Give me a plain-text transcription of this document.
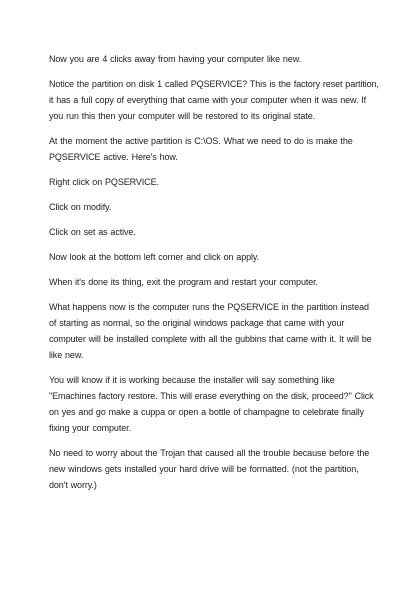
Now you are 4 clicks away from having your computer like new.

Notice the partition on disk 1 called PQSERVICE? This is the factory reset partition, it has a full copy of everything that came with your computer when it was new. If you run this then your computer will be restored to its original state.

At the moment the active partition is C:\OS. What we need to do is make the PQSERVICE active. Here's how.

Right click on PQSERVICE.

Click on modify.

Click on set as active.

Now look at the bottom left corner and click on apply.

When it's done its thing, exit the program and restart your computer.

What happens now is the computer runs the PQSERVICE in the partition instead of starting as normal, so the original windows package that came with your computer will be installed complete with all the gubbins that came with it. It will be like new.

You will know if it is working because the installer will say something like "Emachines factory restore. This will erase everything on the disk, proceed?" Click on yes and go make a cuppa or open a bottle of champagne to celebrate finally fixing your computer.

No need to worry about the Trojan that caused all the trouble because before the new windows gets installed your hard drive will be formatted. (not the partition, don't worry.)
